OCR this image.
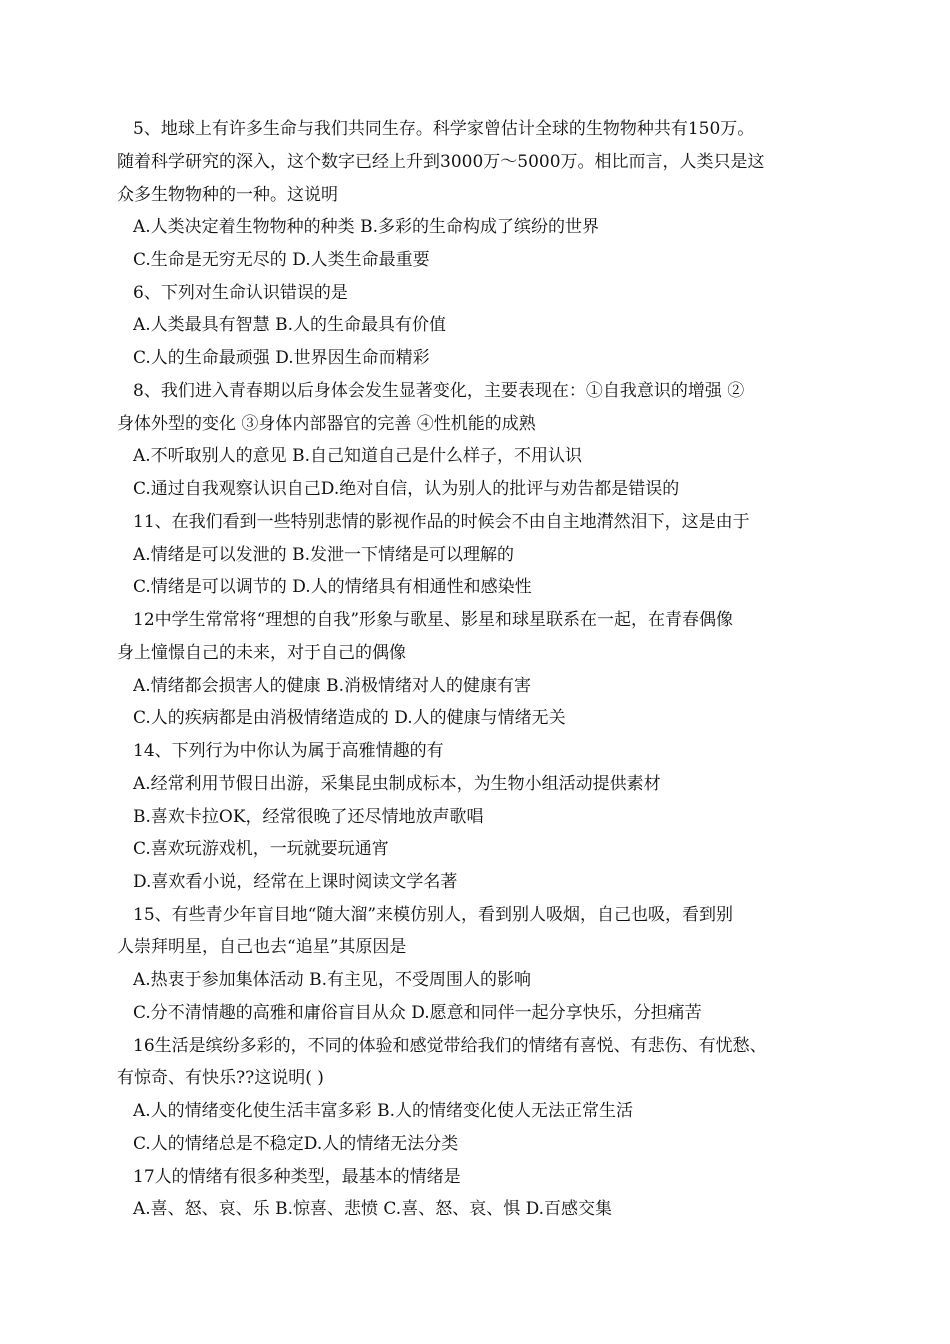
5、地球上有许多生命与我们共同生存。科学家曾估计全球的生物物种共有150万。
随着科学研究的深入，这个数字已经上升到3000万～5000万。相比而言，人类只是这
众多生物物种的一种。这说明
A.人类决定着生物物种的种类 B.多彩的生命构成了缤纷的世界
C.生命是无穷无尽的 D.人类生命最重要
6、下列对生命认识错误的是
A.人类最具有智慧 B.人的生命最具有价值
C.人的生命最顽强 D.世界因生命而精彩
8、我们进入青春期以后身体会发生显著变化，主要表现在：①自我意识的增强 ②
身体外型的变化 ③身体内部器官的完善 ④性机能的成熟
A.不听取别人的意见 B.自己知道自己是什么样子，不用认识
C.通过自我观察认识自己D.绝对自信，认为别人的批评与劝告都是错误的
11、在我们看到一些特别悲情的影视作品的时候会不由自主地潸然泪下，这是由于
A.情绪是可以发泄的 B.发泄一下情绪是可以理解的
C.情绪是可以调节的 D.人的情绪具有相通性和感染性
12中学生常常将“理想的自我”形象与歌星、影星和球星联系在一起，在青春偶像
身上憧憬自己的未来，对于自己的偶像
A.情绪都会损害人的健康 B.消极情绪对人的健康有害
C.人的疾病都是由消极情绪造成的 D.人的健康与情绪无关
14、下列行为中你认为属于高雅情趣的有
A.经常利用节假日出游，采集昆虫制成标本，为生物小组活动提供素材
B.喜欢卡拉OK，经常很晚了还尽情地放声歌唱
C.喜欢玩游戏机，一玩就要玩通宵
D.喜欢看小说，经常在上课时阅读文学名著
15、有些青少年盲目地“随大溜”来模仿别人，看到别人吸烟，自己也吸，看到别
人崇拜明星，自己也去“追星”其原因是
A.热衷于参加集体活动 B.有主见，不受周围人的影响
C.分不清情趣的高雅和庸俗盲目从众 D.愿意和同伴一起分享快乐，分担痛苦
16生活是缤纷多彩的，不同的体验和感觉带给我们的情绪有喜悦、有悲伤、有忧愁、
有惊奇、有快乐??这说明( )
A.人的情绪变化使生活丰富多彩 B.人的情绪变化使人无法正常生活
C.人的情绪总是不稳定D.人的情绪无法分类
17人的情绪有很多种类型，最基本的情绪是
A.喜、怒、哀、乐 B.惊喜、悲愤 C.喜、怒、哀、惧 D.百感交集
